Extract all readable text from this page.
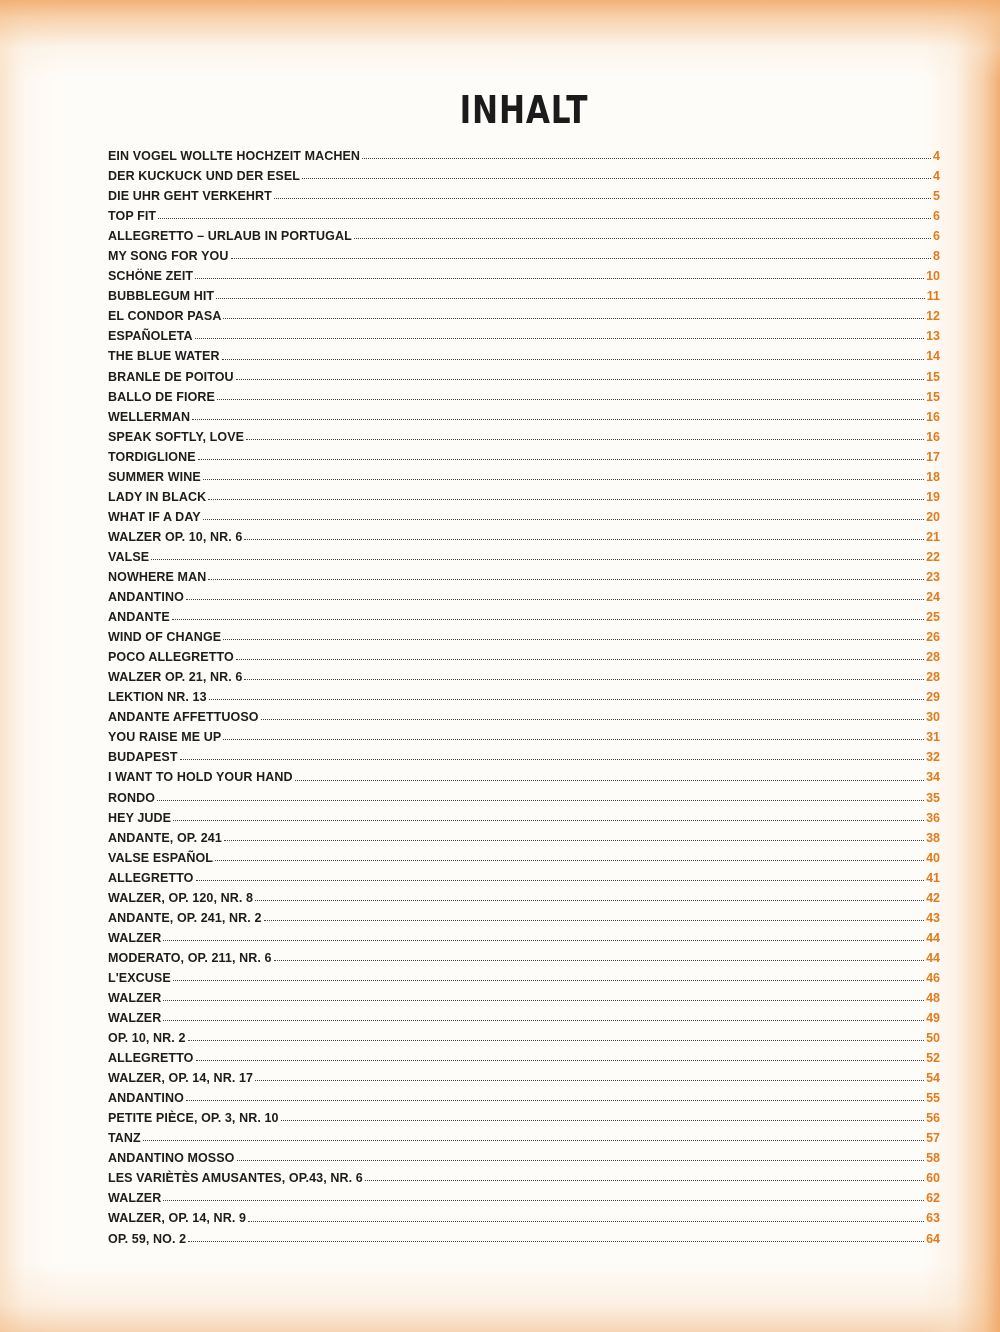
INHALT
EIN VOGEL WOLLTE HOCHZEIT MACHEN	4
DER KUCKUCK UND DER ESEL	4
DIE UHR GEHT VERKEHRT	5
TOP FIT	6
ALLEGRETTO – URLAUB IN PORTUGAL	6
MY SONG FOR YOU	8
SCHÖNE ZEIT	10
BUBBLEGUM HIT	11
EL CONDOR PASA	12
ESPAÑOLETA	13
THE BLUE WATER	14
BRANLE DE POITOU	15
BALLO DE FIORE	15
WELLERMAN	16
SPEAK SOFTLY, LOVE	16
TORDIGLIONE	17
SUMMER WINE	18
LADY IN BLACK	19
WHAT IF A DAY	20
WALZER OP. 10, NR. 6	21
VALSE	22
NOWHERE MAN	23
ANDANTINO	24
ANDANTE	25
WIND OF CHANGE	26
POCO ALLEGRETTO	28
WALZER OP. 21, NR. 6	28
LEKTION NR. 13	29
ANDANTE AFFETTUOSO	30
YOU RAISE ME UP	31
BUDAPEST	32
I WANT TO HOLD YOUR HAND	34
RONDO	35
HEY JUDE	36
ANDANTE, OP. 241	38
VALSE ESPAÑOL	40
ALLEGRETTO	41
WALZER, OP. 120, NR. 8	42
ANDANTE, OP. 241, NR. 2	43
WALZER	44
MODERATO, OP. 211, NR. 6	44
L'EXCUSE	46
WALZER	48
WALZER	49
OP. 10, NR. 2	50
ALLEGRETTO	52
WALZER, OP. 14, NR. 17	54
ANDANTINO	55
PETITE PIÈCE, OP. 3, NR. 10	56
TANZ	57
ANDANTINO MOSSO	58
LES VARIÈTÈS AMUSANTES, OP.43, NR. 6	60
WALZER	62
WALZER, OP. 14, NR. 9	63
OP. 59, NO. 2	64
